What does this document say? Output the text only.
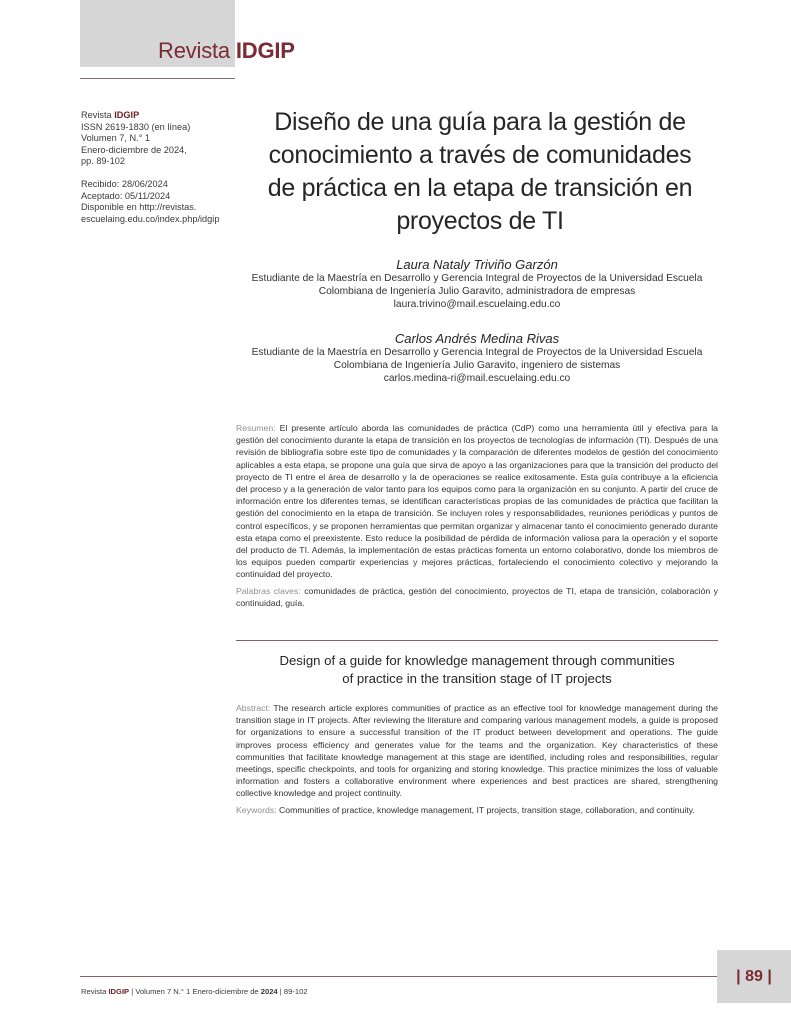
Revista IDGIP
Revista IDGIP
ISSN 2619-1830 (en línea)
Volumen 7, N.° 1
Enero-diciembre de 2024,
pp. 89-102
Recibido: 28/06/2024
Aceptado: 05/11/2024
Disponible en http://revistas.
escuelaing.edu.co/index.php/idgip
Diseño de una guía para la gestión de
conocimiento a través de comunidades
de práctica en la etapa de transición en
proyectos de TI
Laura Nataly Triviño Garzón
Estudiante de la Maestría en Desarrollo y Gerencia Integral de Proyectos de la Universidad Escuela
Colombiana de Ingeniería Julio Garavito, administradora de empresas
laura.trivino@mail.escuelaing.edu.co
Carlos Andrés Medina Rivas
Estudiante de la Maestría en Desarrollo y Gerencia Integral de Proyectos de la Universidad Escuela
Colombiana de Ingeniería Julio Garavito, ingeniero de sistemas
carlos.medina-ri@mail.escuelaing.edu.co
Resumen: El presente artículo aborda las comunidades de práctica (CdP) como una herramienta útil y efectiva para la gestión del conocimiento durante la etapa de transición en los proyectos de tecnologías de información (TI). Después de una revisión de bibliografía sobre este tipo de comunidades y la comparación de diferentes modelos de gestión del conocimiento aplicables a esta etapa, se propone una guía que sirva de apoyo a las organizaciones para que la transición del producto del proyecto de TI entre el área de desarrollo y la de operaciones se realice exitosamente. Esta guía contribuye a la eficiencia del proceso y a la generación de valor tanto para los equipos como para la organización en su conjunto. A partir del cruce de información entre los diferentes temas, se identifican características propias de las comunidades de práctica que facilitan la gestión del conocimiento en la etapa de transición. Se incluyen roles y responsabilidades, reuniones periódicas y puntos de control específicos, y se proponen herramientas que permitan organizar y almacenar tanto el conocimiento generado durante esta etapa como el preexistente. Esto reduce la posibilidad de pérdida de información valiosa para la operación y el soporte del producto de TI. Además, la implementación de estas prácticas fomenta un entorno colaborativo, donde los miembros de los equipos pueden compartir experiencias y mejores prácticas, fortaleciendo el conocimiento colectivo y mejorando la continuidad del proyecto.
Palabras claves: comunidades de práctica, gestión del conocimiento, proyectos de TI, etapa de transición, colaboración y continuidad, guía.
Design of a guide for knowledge management through communities
of practice in the transition stage of IT projects
Abstract: The research article explores communities of practice as an effective tool for knowledge management during the transition stage in IT projects. After reviewing the literature and comparing various management models, a guide is proposed for organizations to ensure a successful transition of the IT product between development and operations. The guide improves process efficiency and generates value for the teams and the organization. Key characteristics of these communities that facilitate knowledge management at this stage are identified, including roles and responsibilities, regular meetings, specific checkpoints, and tools for organizing and storing knowledge. This practice minimizes the loss of valuable information and fosters a collaborative environment where experiences and best practices are shared, strengthening collective knowledge and project continuity.
Keywords: Communities of practice, knowledge management, IT projects, transition stage, collaboration, and continuity.
Revista IDGIP | Volumen 7 N.° 1 Enero-diciembre de 2024 | 89-102
| 89 |
